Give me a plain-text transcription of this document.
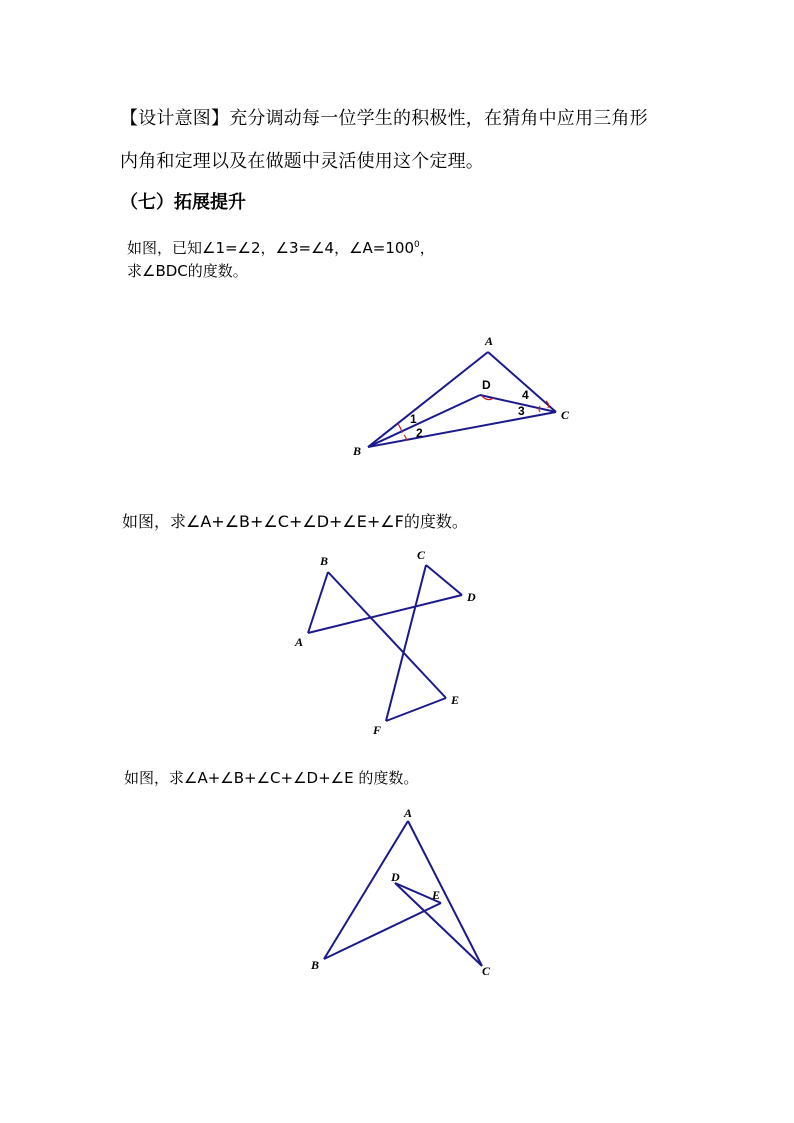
【设计意图】充分调动每一位学生的积极性，在猜角中应用三角形
内角和定理以及在做题中灵活使用这个定理。
（七）拓展提升
如图，已知∠1=∠2，∠3=∠4，$\angle A=100^0$，
求∠BDC的度数。
A
B
C
D
1
2
3
4
如图，求∠A+∠B+∠C+∠D+∠E+∠F的度数。
A
B	C
D
E
F
如图，求∠A+∠B+∠C+∠D+∠E 的度数。
A
B	C
D
E
